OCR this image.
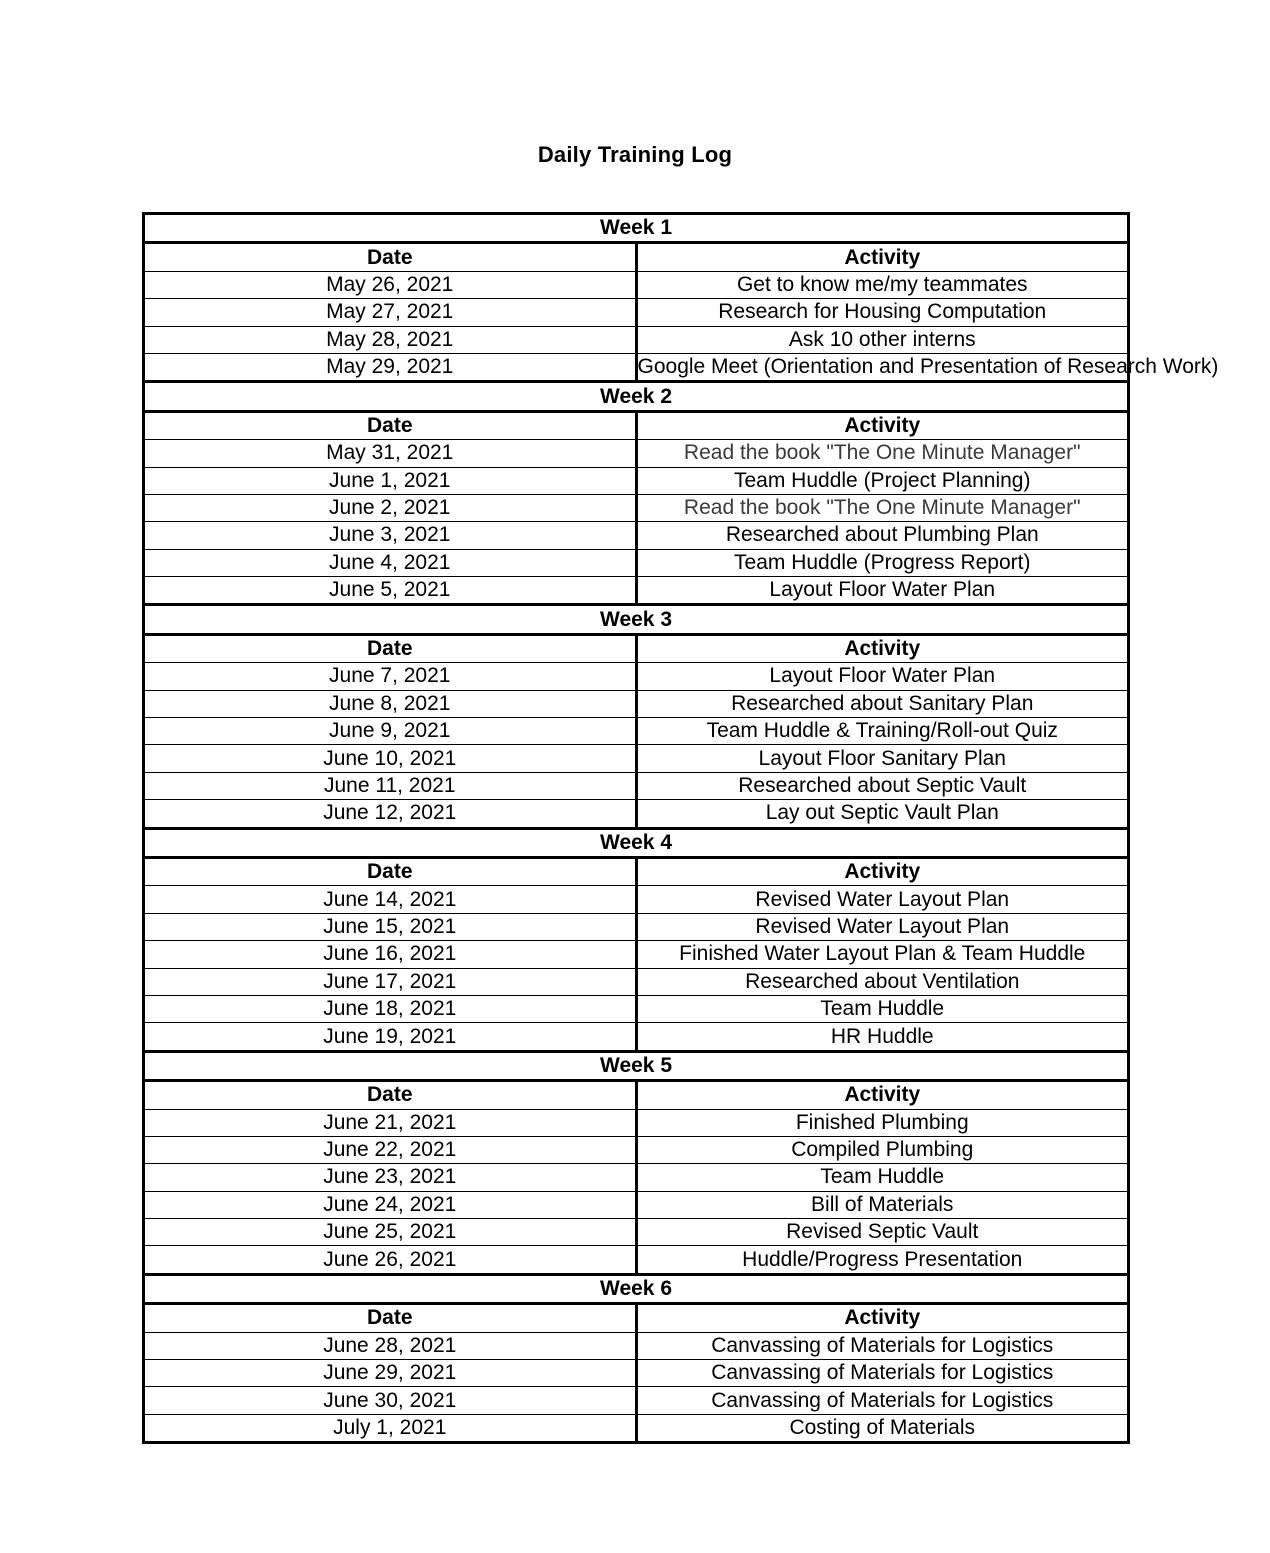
Daily Training Log
Week 1	
Date	Activity
May 26, 2021	Get to know me/my teammates
May 27, 2021	Research for Housing Computation
May 28, 2021	Ask 10 other interns
May 29, 2021	Google Meet (Orientation and Presentation of Research Work)
Week 2	
Date	Activity
May 31, 2021	Read the book "The One Minute Manager"
June 1, 2021	Team Huddle (Project Planning)
June 2, 2021	Read the book "The One Minute Manager"
June 3, 2021	Researched about Plumbing Plan
June 4, 2021	Team Huddle (Progress Report)
June 5, 2021	Layout Floor Water Plan
Week 3	
Date	Activity
June 7, 2021	Layout Floor Water Plan
June 8, 2021	Researched about Sanitary Plan
June 9, 2021	Team Huddle & Training/Roll-out Quiz
June 10, 2021	Layout Floor Sanitary Plan
June 11, 2021	Researched about Septic Vault
June 12, 2021	Lay out Septic Vault Plan
Week 4	
Date	Activity
June 14, 2021	Revised Water Layout Plan
June 15, 2021	Revised Water Layout Plan
June 16, 2021	Finished Water Layout Plan & Team Huddle
June 17, 2021	Researched about Ventilation
June 18, 2021	Team Huddle
June 19, 2021	HR Huddle
Week 5	
Date	Activity
June 21, 2021	Finished Plumbing
June 22, 2021	Compiled Plumbing
June 23, 2021	Team Huddle
June 24, 2021	Bill of Materials
June 25, 2021	Revised Septic Vault
June 26, 2021	Huddle/Progress Presentation
Week 6	
Date	Activity
June 28, 2021	Canvassing of Materials for Logistics
June 29, 2021	Canvassing of Materials for Logistics
June 30, 2021	Canvassing of Materials for Logistics
July 1, 2021	Costing of Materials
